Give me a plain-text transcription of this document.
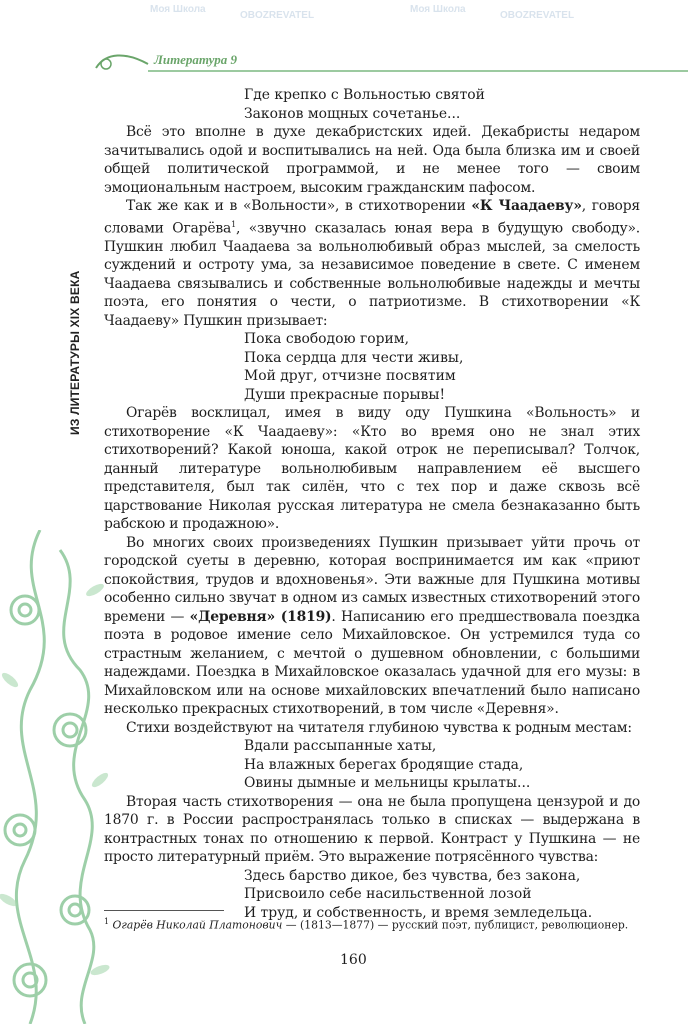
Моя Школа	Моя Школа
OBOZREVATEL	OBOZREVATEL
Литература 9
ИЗ ЛИТЕРАТУРЫ XIX ВЕКА
Где крепко с Вольностью святой
Законов мощных сочетанье...

Всё это вполне в духе декабристских идей. Декабристы недаром зачитывались одой и воспитывались на ней. Ода была близка им и своей общей политической программой, и не менее того — своим эмоциональным настроем, высоким гражданским пафосом.

Так же как и в «Вольности», в стихотворении «К Чаадаеву», говоря словами Огарёва$^1$, «звучно сказалась юная вера в будущую свободу». Пушкин любил Чаадаева за вольнолюбивый образ мыслей, за смелость суждений и остроту ума, за независимое поведение в свете. С именем Чаадаева связывались и собственные вольнолюбивые надежды и мечты поэта, его понятия о чести, о патриотизме. В стихотворении «К Чаадаеву» Пушкин призывает:

Пока свободою горим,
Пока сердца для чести живы,
Мой друг, отчизне посвятим
Души прекрасные порывы!

Огарёв восклицал, имея в виду оду Пушкина «Вольность» и стихотворение «К Чаадаеву»: «Кто во время оно не знал этих стихотворений? Какой юноша, какой отрок не переписывал? Толчок, данный литературе вольнолюбивым направлением её высшего представителя, был так силён, что с тех пор и даже сквозь всё царствование Николая русская литература не смела безнаказанно быть рабскою и продажною».

Во многих своих произведениях Пушкин призывает уйти прочь от городской суеты в деревню, которая воспринимается им как «приют спокойствия, трудов и вдохновенья». Эти важные для Пушкина мотивы особенно сильно звучат в одном из самых известных стихотворений этого времени — «Деревня» (1819). Написанию его предшествовала поездка поэта в родовое имение село Михайловское. Он устремился туда со страстным желанием, с мечтой о душевном обновлении, с большими надеждами. Поездка в Михайловское оказалась удачной для его музы: в Михайловском или на основе михайловских впечатлений было написано несколько прекрасных стихотворений, в том числе «Деревня».

Стихи воздействуют на читателя глубиною чувства к родным местам:

Вдали рассыпанные хаты,
На влажных берегах бродящие стада,
Овины дымные и мельницы крылаты...

Вторая часть стихотворения — она не была пропущена цензурой и до 1870 г. в России распространялась только в списках — выдержана в контрастных тонах по отношению к первой. Контраст у Пушкина — не просто литературный приём. Это выражение потрясённого чувства:

Здесь барство дикое, без чувства, без закона,
Присвоило себе насильственной лозой
И труд, и собственность, и время земледельца.
$^1$ Огарёв Николай Платонович — (1813—1877) — русский поэт, публицист, революционер.
160
